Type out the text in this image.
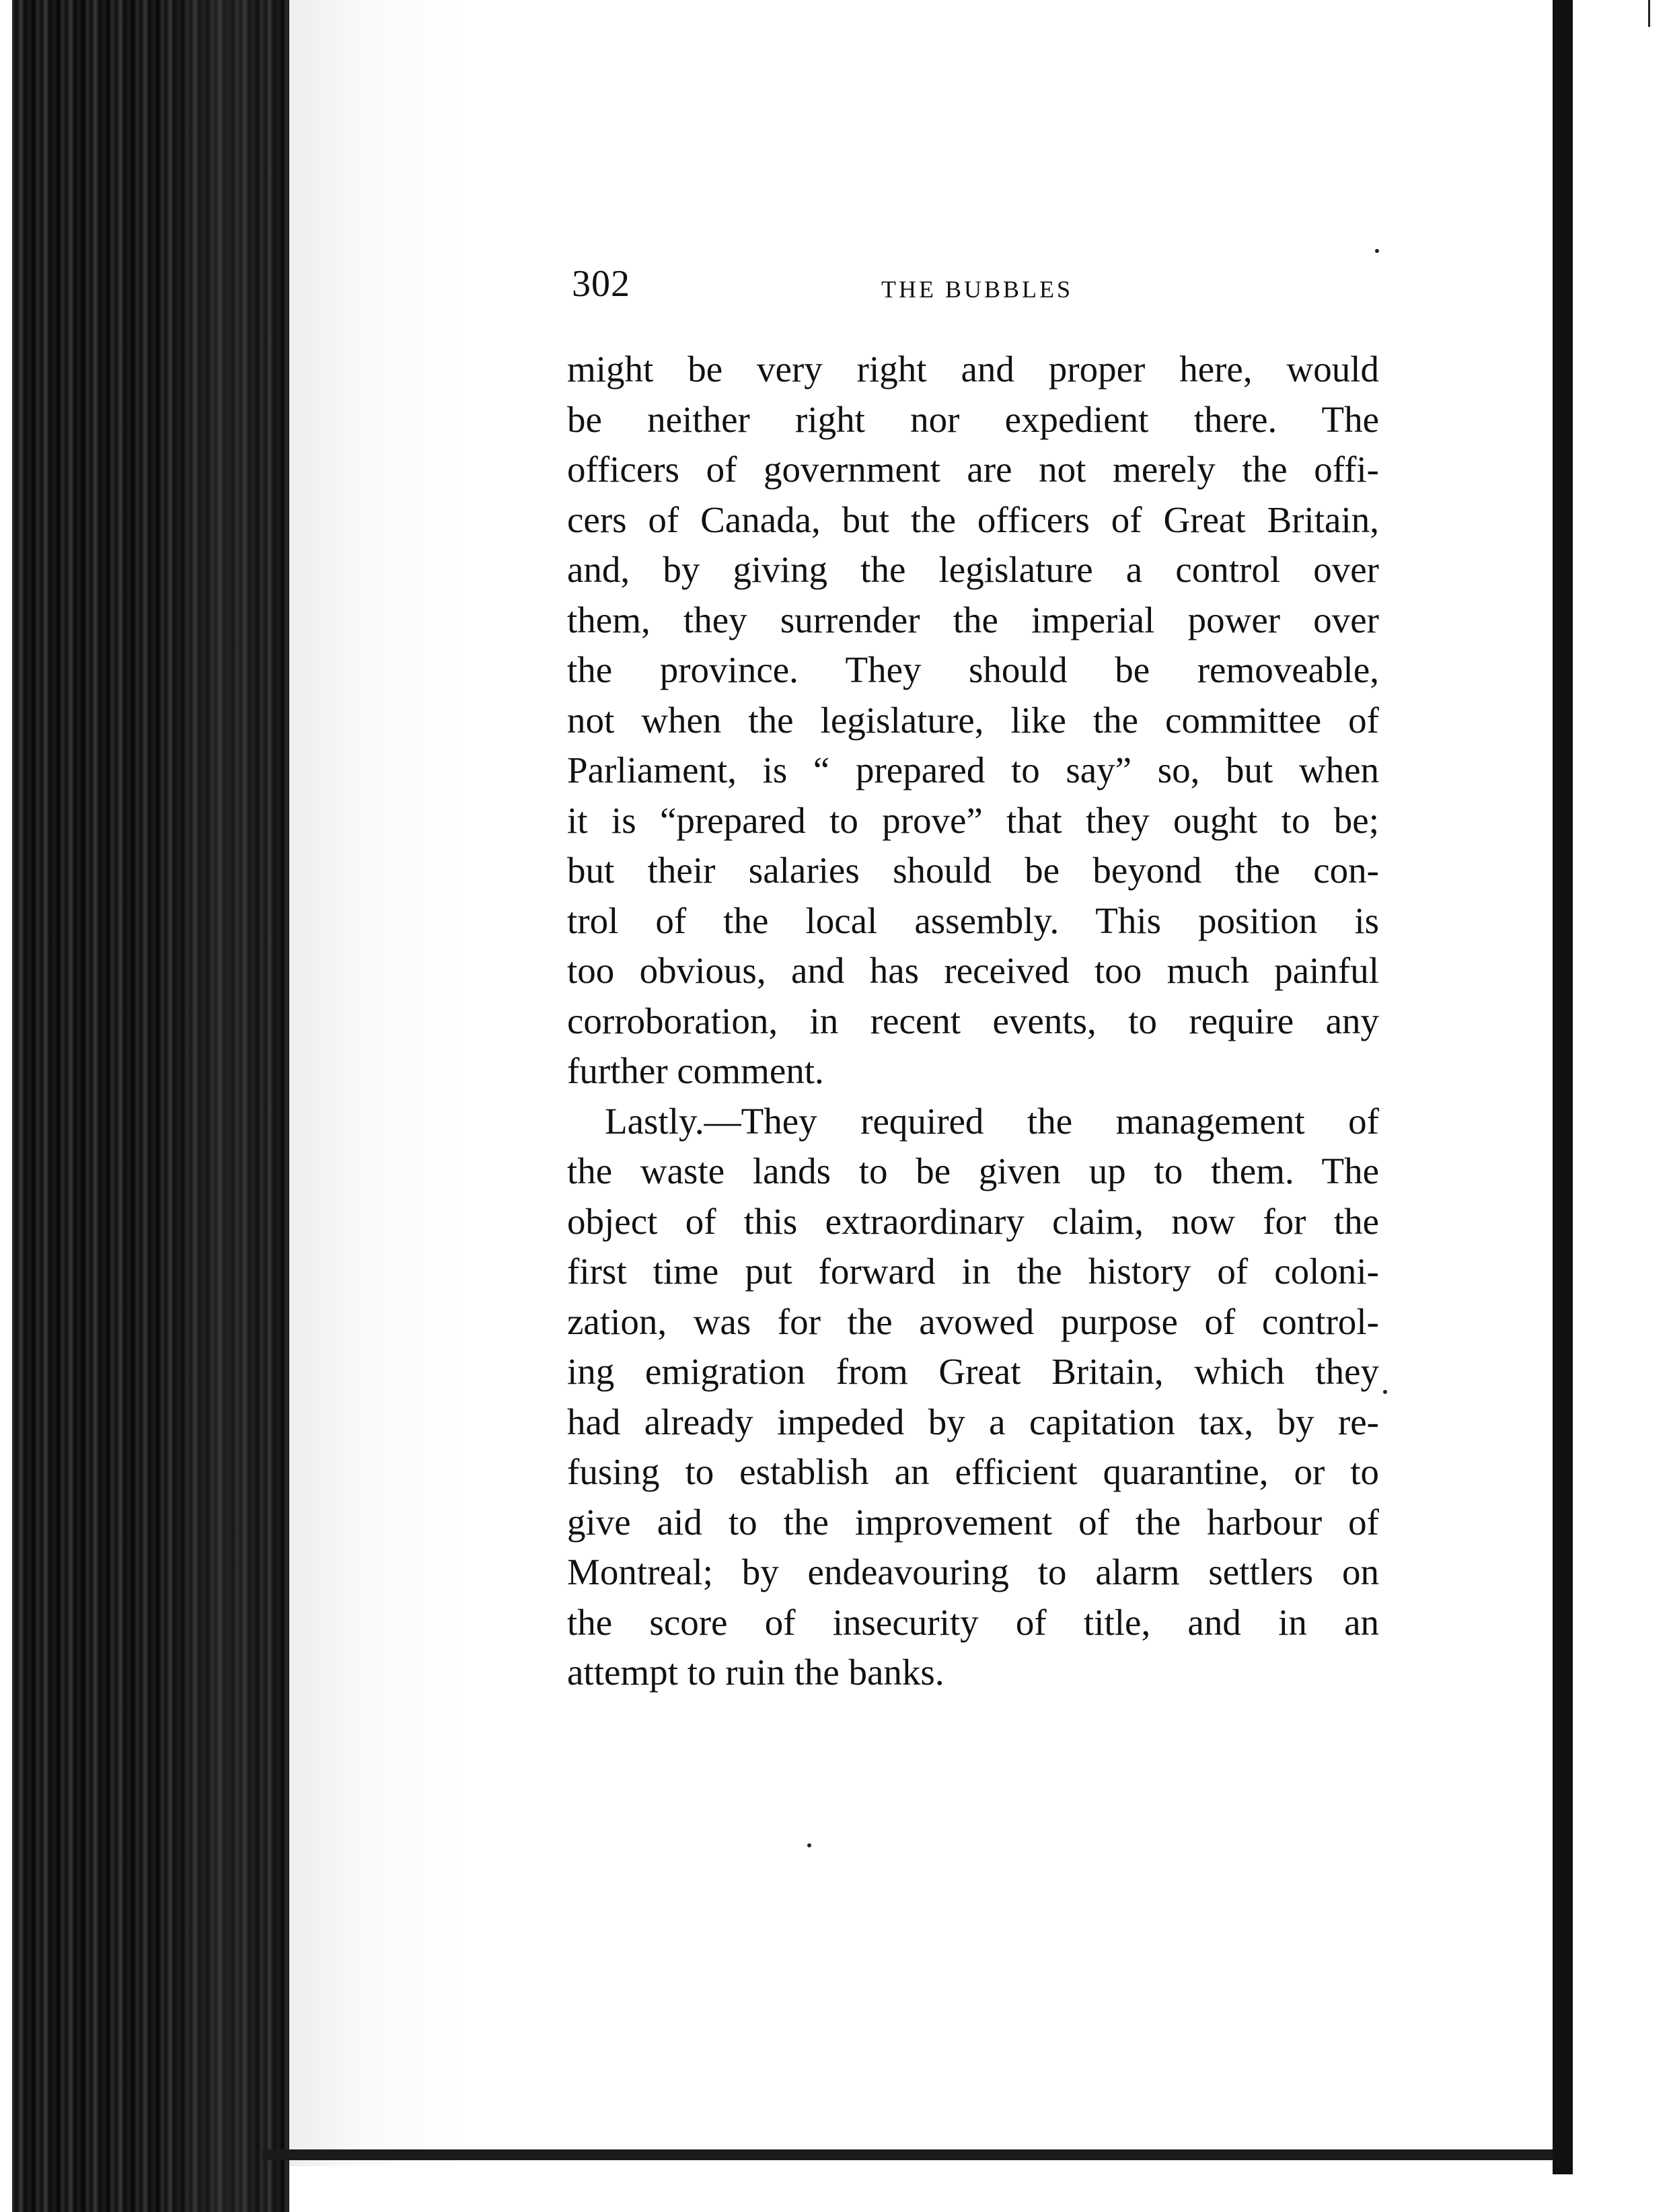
302	THE BUBBLES
might be very right and proper here, would
be neither right nor expedient there. The
officers of government are not merely the offi-
cers of Canada, but the officers of Great Britain,
and, by giving the legislature a control over
them, they surrender the imperial power over
the province. They should be removeable,
not when the legislature, like the committee of
Parliament, is “ prepared to say” so, but when
it is “prepared to prove” that they ought to be;
but their salaries should be beyond the con-
trol of the local assembly. This position is
too obvious, and has received too much painful
corroboration, in recent events, to require any
further comment.
Lastly.—They required the management of
the waste lands to be given up to them. The
object of this extraordinary claim, now for the
first time put forward in the history of coloni-
zation, was for the avowed purpose of control-
ing emigration from Great Britain, which they
had already impeded by a capitation tax, by re-
fusing to establish an efficient quarantine, or to
give aid to the improvement of the harbour of
Montreal; by endeavouring to alarm settlers on
the score of insecurity of title, and in an
attempt to ruin the banks.
